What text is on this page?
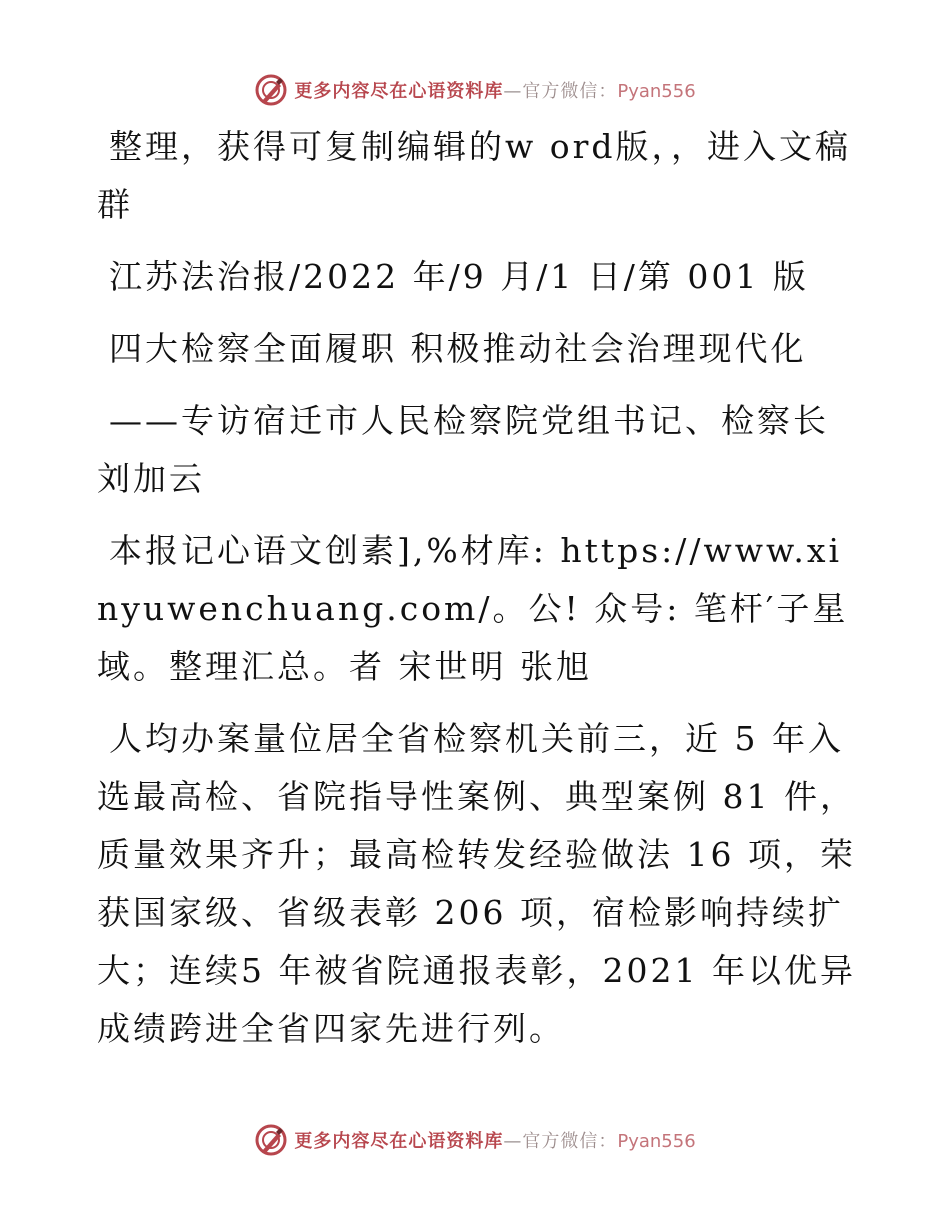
更多内容尽在心语资料库—官方微信：Pyan556

整理，获得可复制编辑的w ord版，，进入文稿群

江苏法治报/2022 年/9 月/1 日/第 001 版

四大检察全面履职 积极推动社会治理现代化

——专访宿迁市人民检察院党组书记、检察长刘加云

本报记心语文创素],%材库: https://www.xinyuwenchuang.com/。公! 众号: 笔杆′子星域。整理汇总。者 宋世明 张旭

人均办案量位居全省检察机关前三，近 5 年入选最高检、省院指导性案例、典型案例 81 件，质量效果齐升；最高检转发经验做法 16 项，荣获国家级、省级表彰 206 项，宿检影响持续扩大；连续5 年被省院通报表彰，2021 年以优异成绩跨进全省四家先进行列。

更多内容尽在心语资料库—官方微信：Pyan556
